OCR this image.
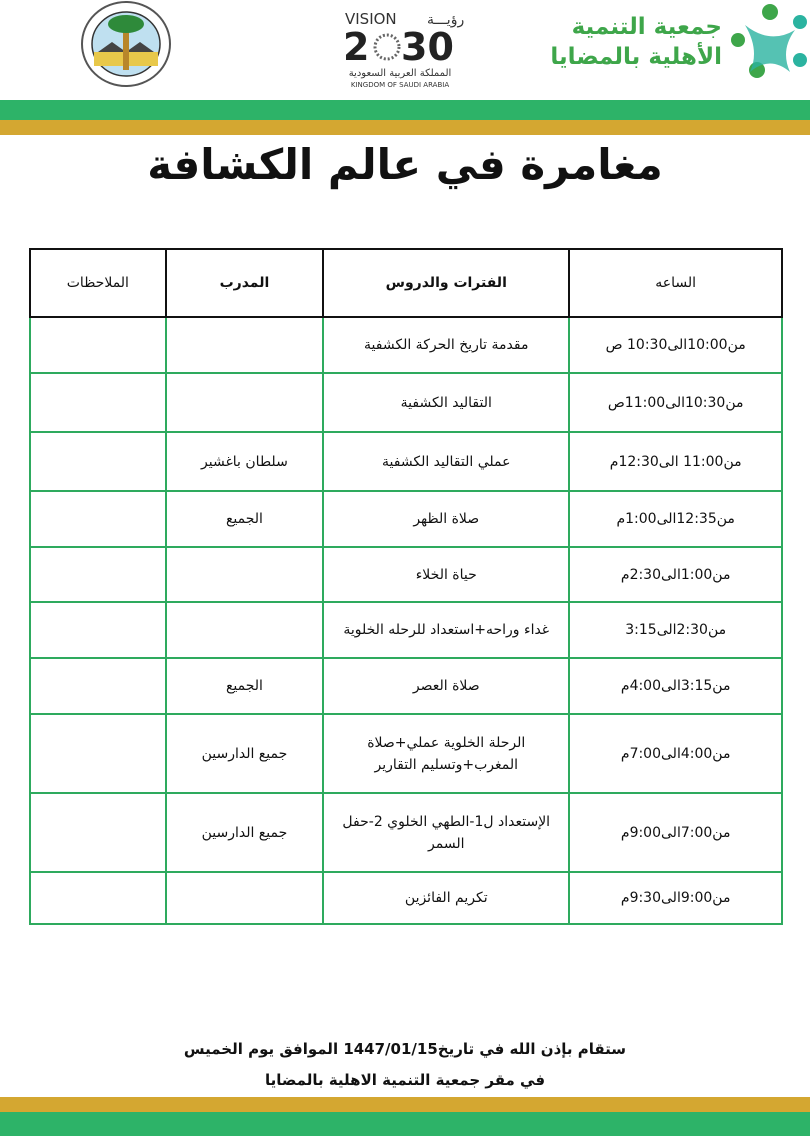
VISION رؤيـــة
2 30
المملكة العربية السعودية
KINGDOM OF SAUDI ARABIA
جمعية التنمية
الأهلية بالمضايا
مغامرة في عالم الكشافة
الساعه	الفترات والدروس	المدرب	الملاحظات
من10:00الى10:30 ص	مقدمة تاريخ الحركة الكشفية		
من10:30الى11:00ص	التقاليد الكشفية		
من11:00 الى12:30م	عملي التقاليد الكشفية	سلطان باغشير	
من12:35الى1:00م	صلاة الظهر	الجميع	
من1:00الى2:30م	حياة الخلاء		
من2:30الى3:15	غداء وراحه+استعداد للرحله الخلوية		
من3:15الى4:00م	صلاة العصر	الجميع	
من4:00الى7:00م	الرحلة الخلوية عملي+صلاة المغرب+وتسليم التقارير	جميع الدارسين	
من7:00الى9:00م	الإستعداد ل1-الطهي الخلوي 2-حفل السمر	جميع الدارسين	
من9:00الى9:30م	تكريم الفائزين		
ستقام بإذن الله في تاريخ1447/01/15 الموافق يوم الخميس
في مقر جمعية التنمية الاهلية بالمضايا
